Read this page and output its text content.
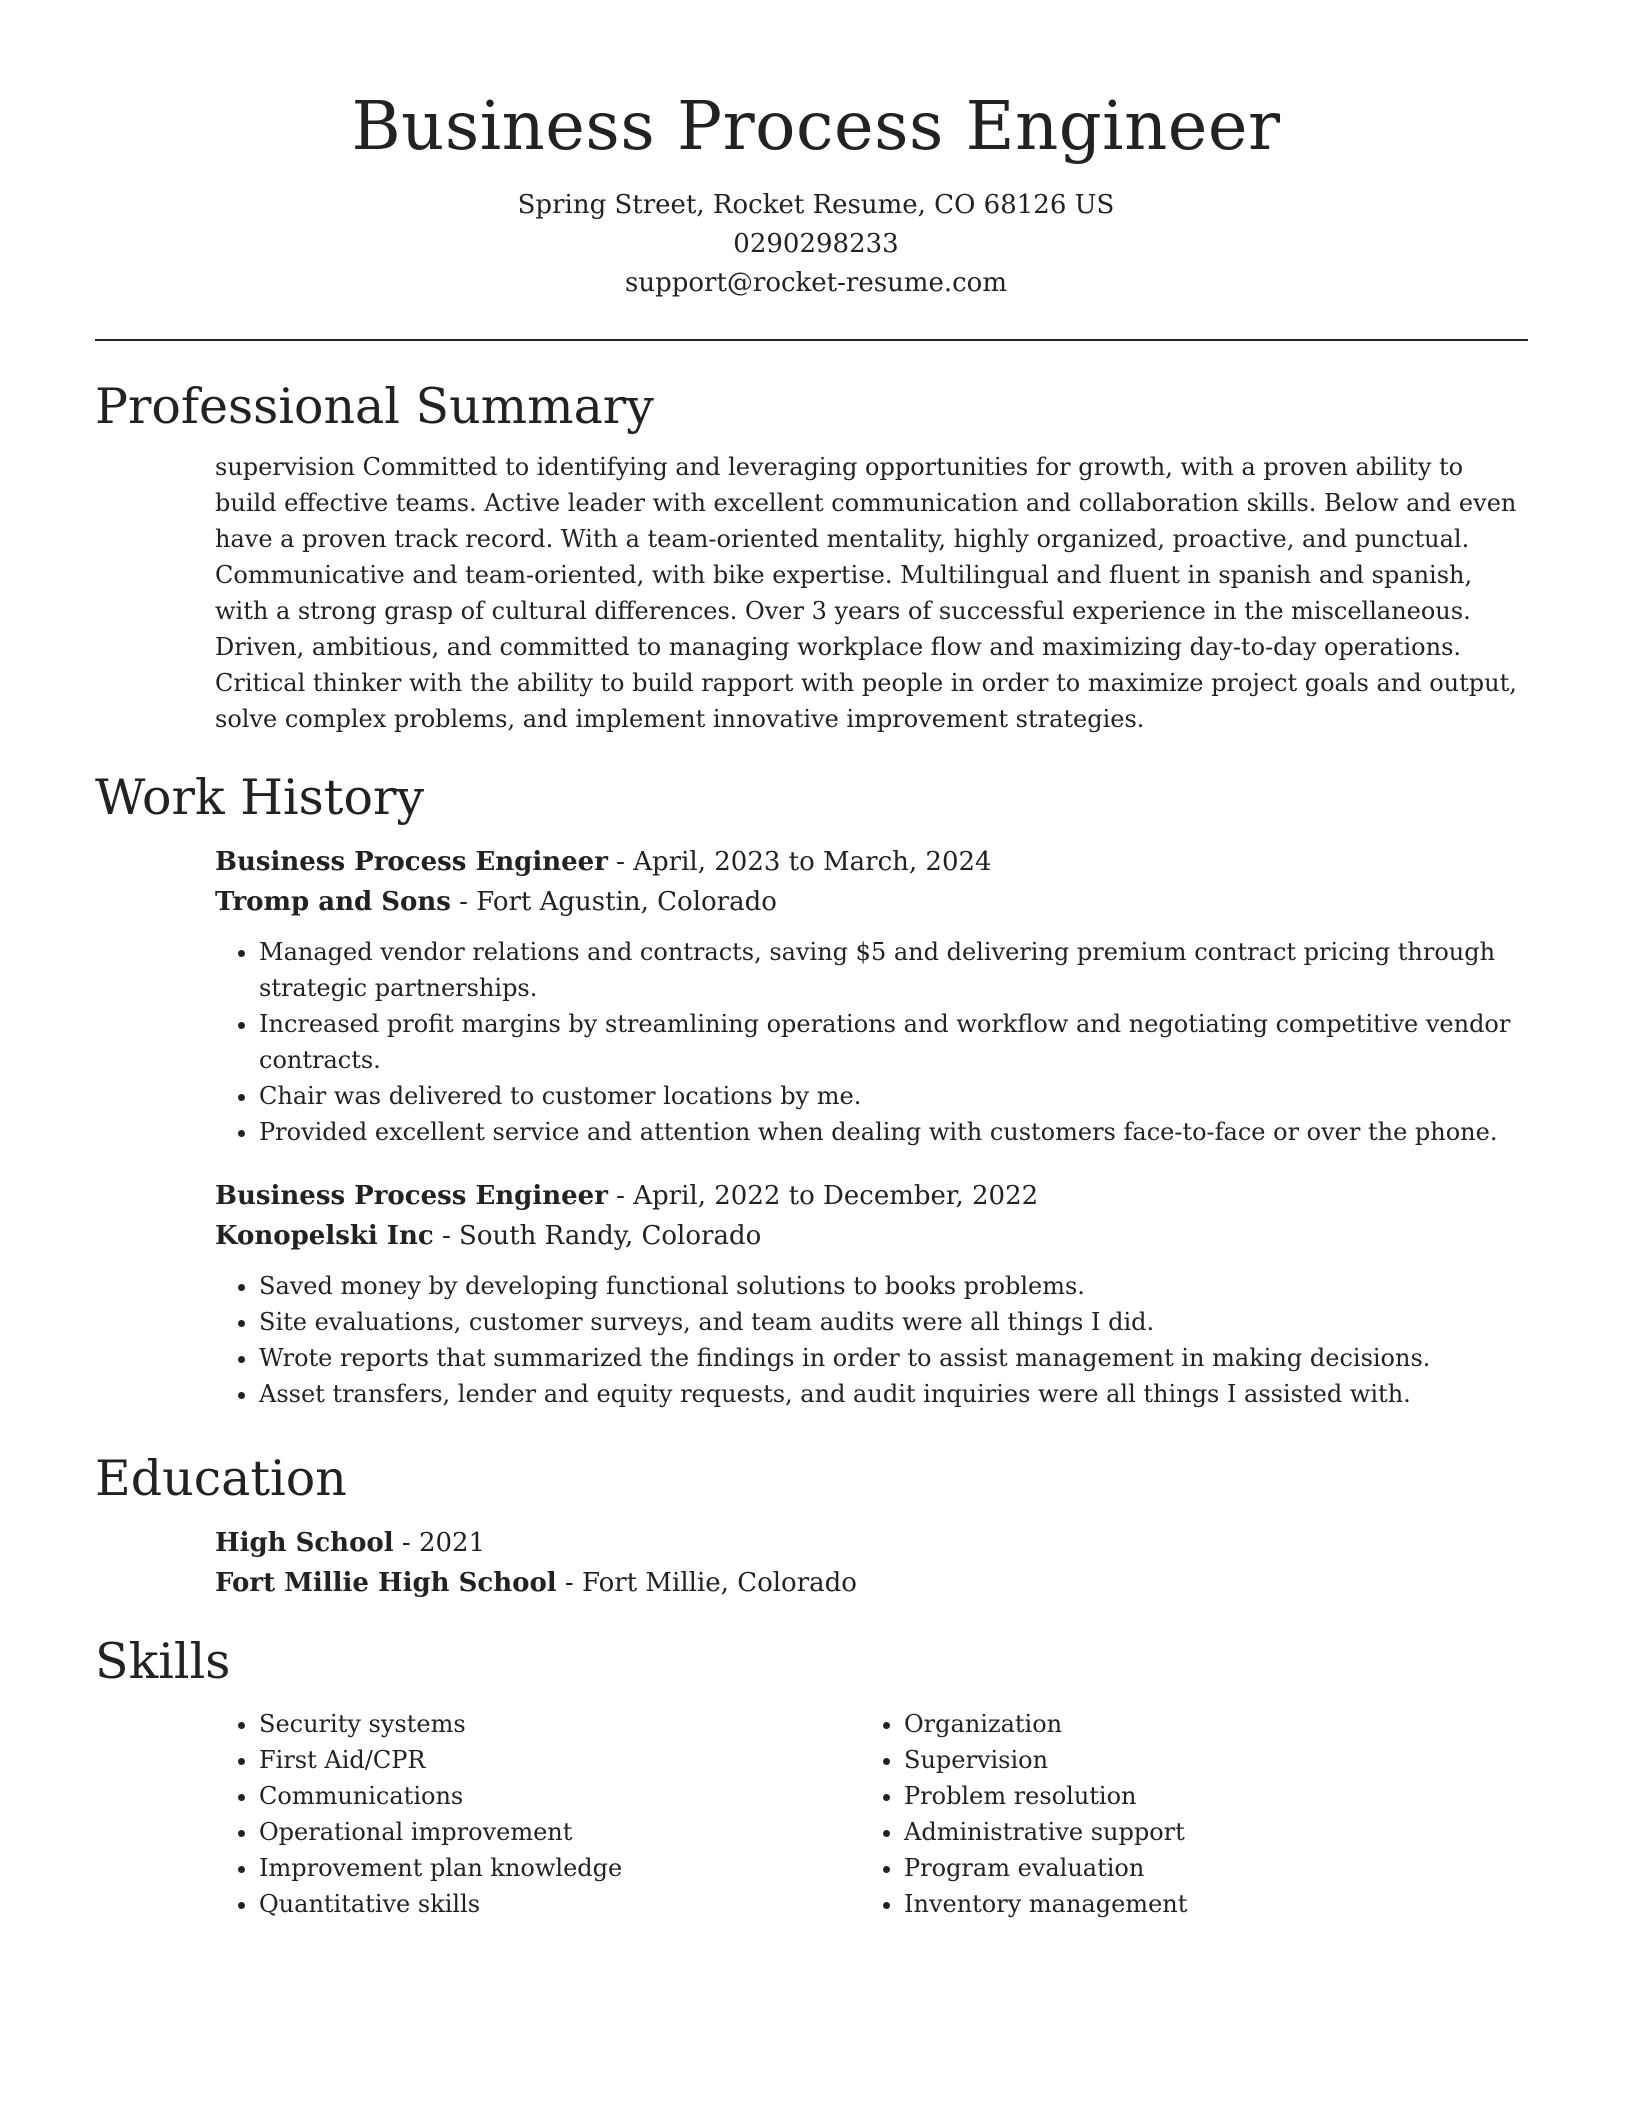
Business Process Engineer
Spring Street, Rocket Resume, CO 68126 US
0290298233
support@rocket-resume.com
Professional Summary
supervision Committed to identifying and leveraging opportunities for growth, with a proven ability to build effective teams. Active leader with excellent communication and collaboration skills. Below and even have a proven track record. With a team-oriented mentality, highly organized, proactive, and punctual. Communicative and team-oriented, with bike expertise. Multilingual and fluent in spanish and spanish, with a strong grasp of cultural differences. Over 3 years of successful experience in the miscellaneous. Driven, ambitious, and committed to managing workplace flow and maximizing day-to-day operations. Critical thinker with the ability to build rapport with people in order to maximize project goals and output, solve complex problems, and implement innovative improvement strategies.
Work History
Business Process Engineer - April, 2023 to March, 2024
Tromp and Sons - Fort Agustin, Colorado
• Managed vendor relations and contracts, saving $5 and delivering premium contract pricing through strategic partnerships.
• Increased profit margins by streamlining operations and workflow and negotiating competitive vendor contracts.
• Chair was delivered to customer locations by me.
• Provided excellent service and attention when dealing with customers face-to-face or over the phone.
Business Process Engineer - April, 2022 to December, 2022
Konopelski Inc - South Randy, Colorado
• Saved money by developing functional solutions to books problems.
• Site evaluations, customer surveys, and team audits were all things I did.
• Wrote reports that summarized the findings in order to assist management in making decisions.
• Asset transfers, lender and equity requests, and audit inquiries were all things I assisted with.
Education
High School - 2021
Fort Millie High School - Fort Millie, Colorado
Skills
• Security systems
• First Aid/CPR
• Communications
• Operational improvement
• Improvement plan knowledge
• Quantitative skills
• Organization
• Supervision
• Problem resolution
• Administrative support
• Program evaluation
• Inventory management
